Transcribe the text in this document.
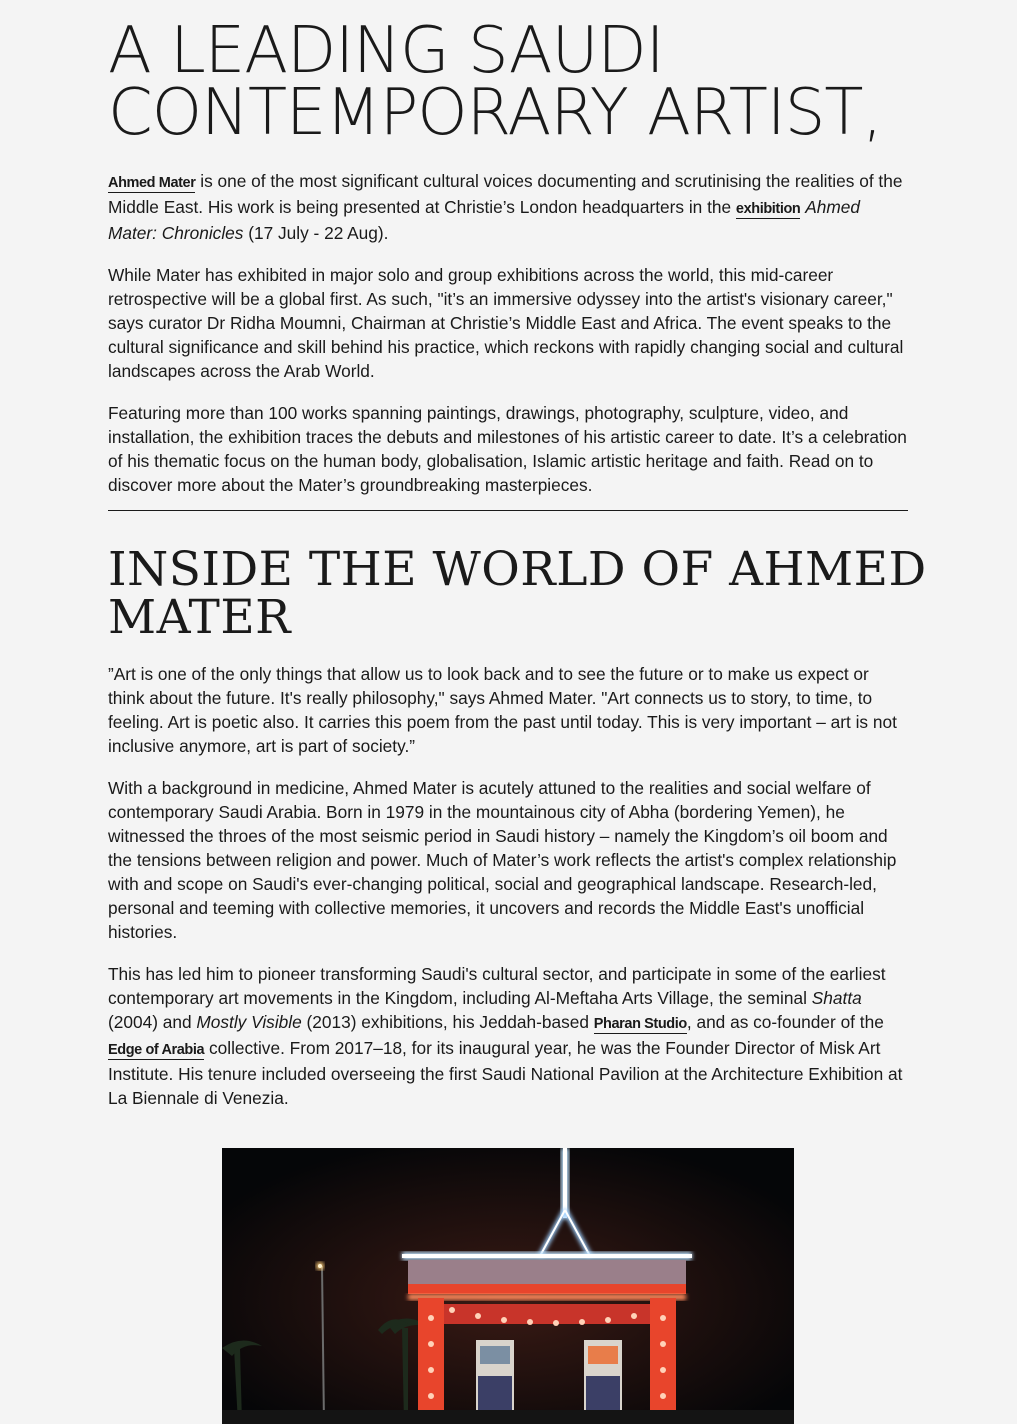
A LEADING SAUDI
CONTEMPORARY ARTIST,

Ahmed Mater is one of the most significant cultural voices documenting and scrutinising the realities of the Middle East. His work is being presented at Christie’s London headquarters in the exhibition Ahmed Mater: Chronicles (17 July - 22 Aug).

While Mater has exhibited in major solo and group exhibitions across the world, this mid-career retrospective will be a global first. As such, "it’s an immersive odyssey into the artist's visionary career," says curator Dr Ridha Moumni, Chairman at Christie’s Middle East and Africa. The event speaks to the cultural significance and skill behind his practice, which reckons with rapidly changing social and cultural landscapes across the Arab World.

Featuring more than 100 works spanning paintings, drawings, photography, sculpture, video, and installation, the exhibition traces the debuts and milestones of his artistic career to date. It’s a celebration of his thematic focus on the human body, globalisation, Islamic artistic heritage and faith. Read on to discover more about the Mater’s groundbreaking masterpieces.

INSIDE THE WORLD OF AHMED
MATER

”Art is one of the only things that allow us to look back and to see the future or to make us expect or think about the future. It's really philosophy," says Ahmed Mater. "Art connects us to story, to time, to feeling. Art is poetic also. It carries this poem from the past until today. This is very important – art is not inclusive anymore, art is part of society.”

With a background in medicine, Ahmed Mater is acutely attuned to the realities and social welfare of contemporary Saudi Arabia. Born in 1979 in the mountainous city of Abha (bordering Yemen), he witnessed the throes of the most seismic period in Saudi history – namely the Kingdom’s oil boom and the tensions between religion and power. Much of Mater’s work reflects the artist's complex relationship with and scope on Saudi's ever-changing political, social and geographical landscape. Research-led, personal and teeming with collective memories, it uncovers and records the Middle East's unofficial histories.

This has led him to pioneer transforming Saudi's cultural sector, and participate in some of the earliest contemporary art movements in the Kingdom, including Al-Meftaha Arts Village, the seminal Shatta (2004) and Mostly Visible (2013) exhibitions, his Jeddah-based Pharan Studio, and as co-founder of the Edge of Arabia collective. From 2017–18, for its inaugural year, he was the Founder Director of Misk Art Institute. His tenure included overseeing the first Saudi National Pavilion at the Architecture Exhibition at La Biennale di Venezia.
